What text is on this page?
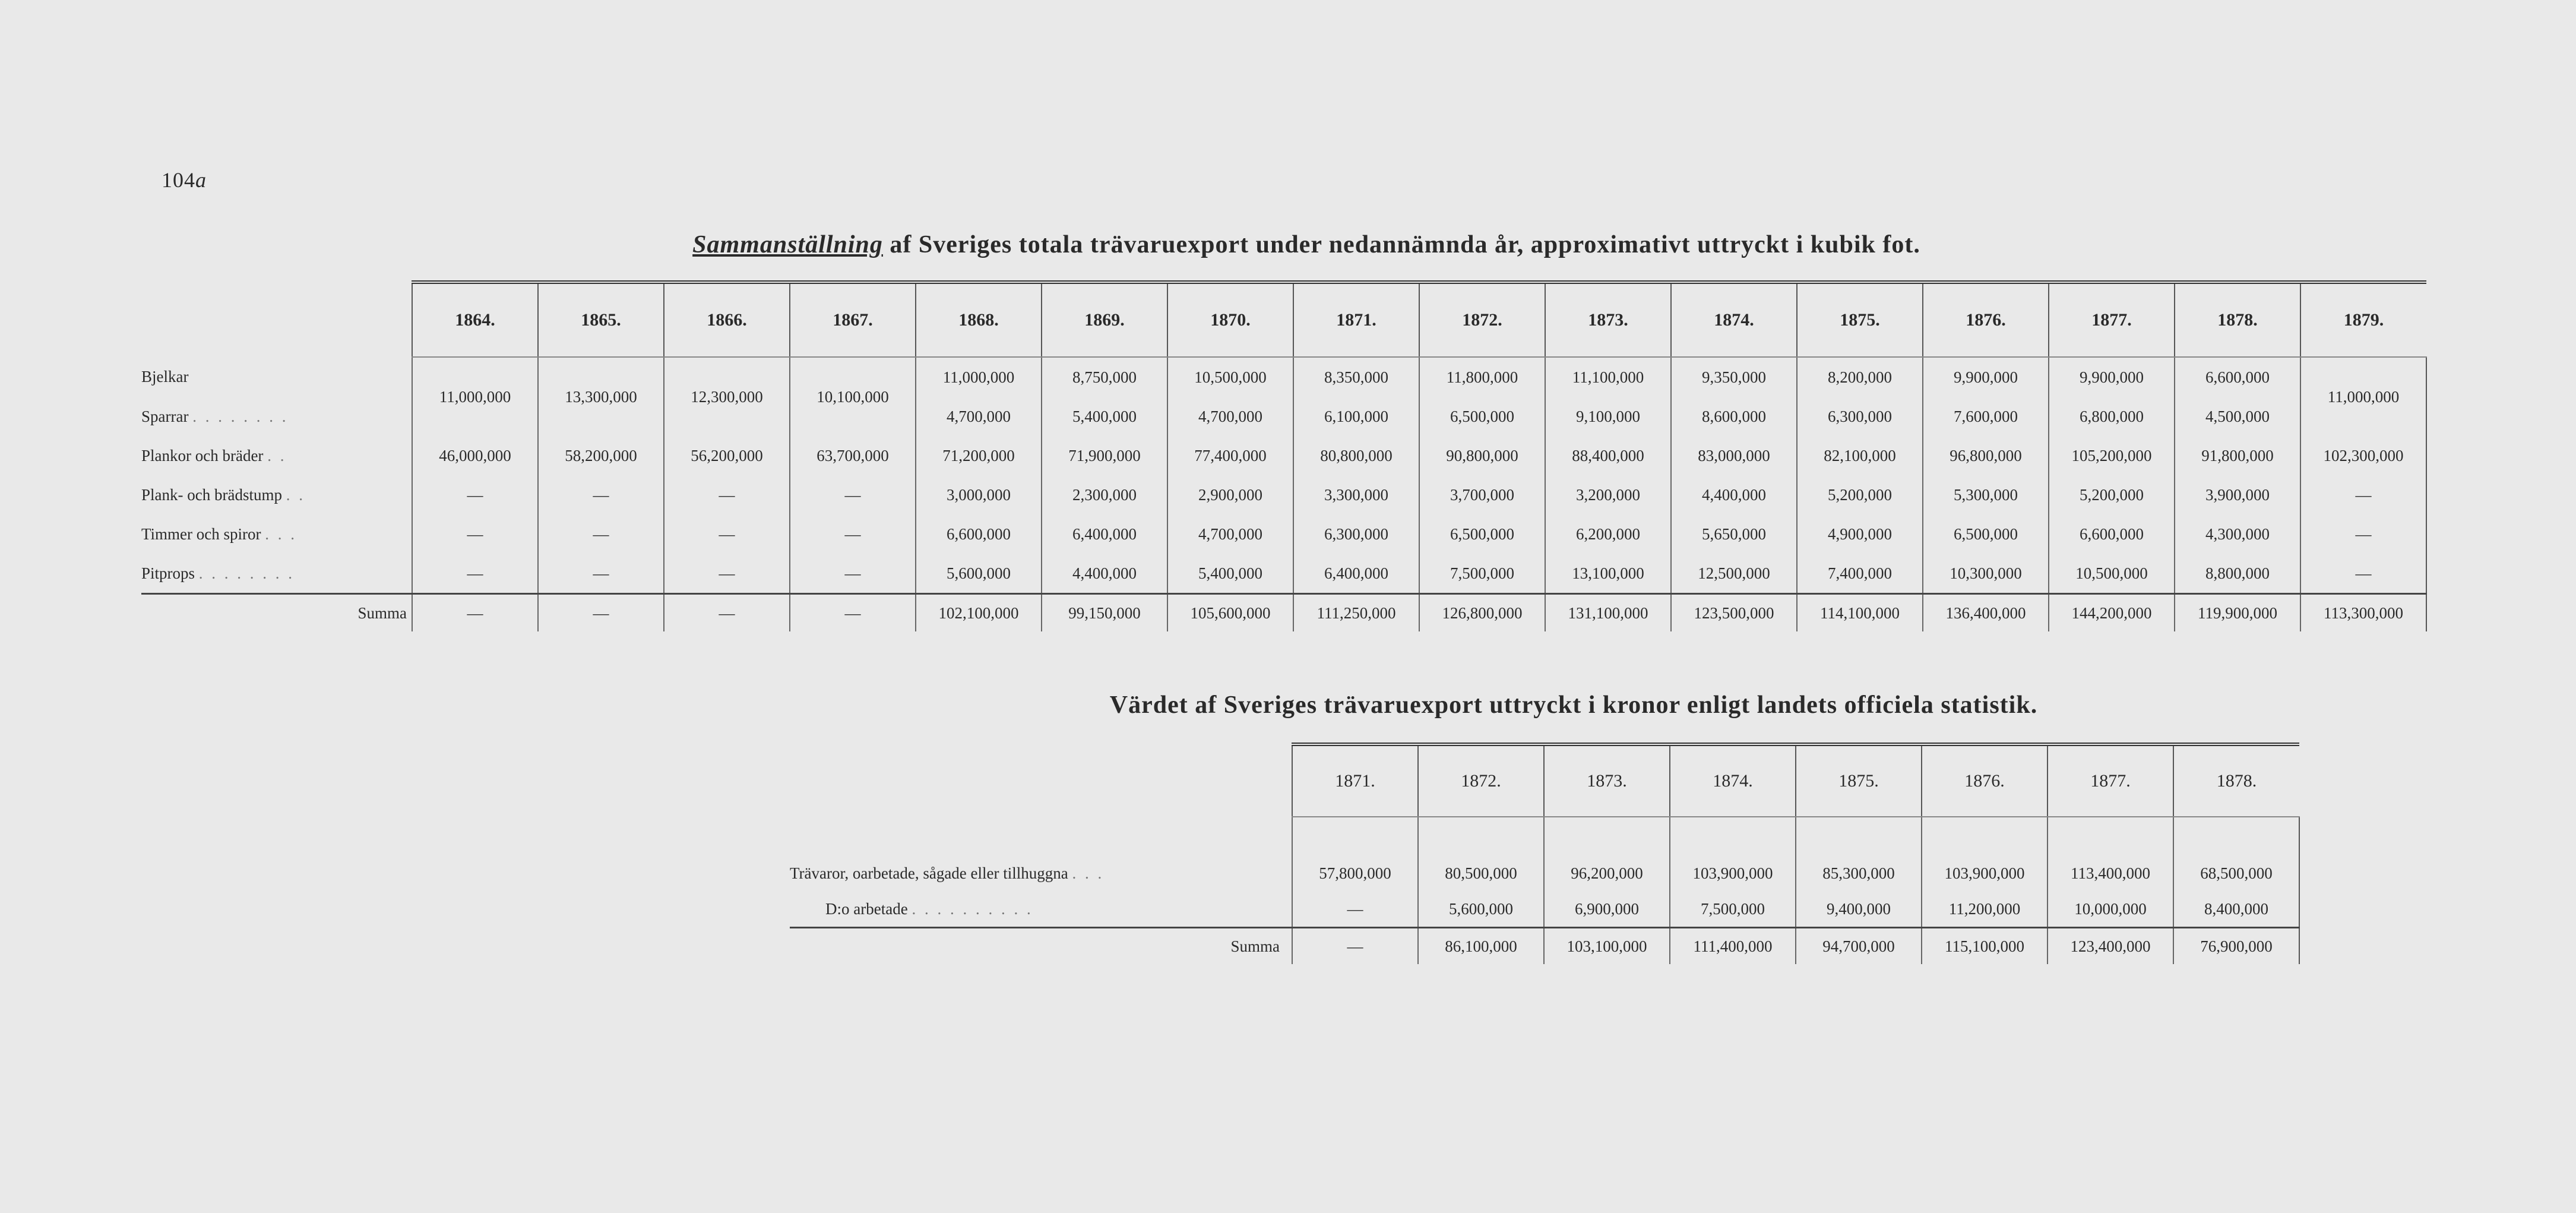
104a
Sammanställning af Sveriges totala trävaruexport under nedannämnda år, approximativt uttryckt i kubik fot.
	1864.	1865.	1866.	1867.	1868.	1869.	1870.	1871.	1872.	1873.	1874.	1875.	1876.	1877.	1878.	1879.
Bjelkar	11,000,000	13,300,000	12,300,000	10,100,000	11,000,000	8,750,000	10,500,000	8,350,000	11,800,000	11,100,000	9,350,000	8,200,000	9,900,000	9,900,000	6,600,000	11,000,000
Sparrar . . . . . . . .					4,700,000	5,400,000	4,700,000	6,100,000	6,500,000	9,100,000	8,600,000	6,300,000	7,600,000	6,800,000	4,500,000	
Plankor och bräder . .	46,000,000	58,200,000	56,200,000	63,700,000	71,200,000	71,900,000	77,400,000	80,800,000	90,800,000	88,400,000	83,000,000	82,100,000	96,800,000	105,200,000	91,800,000	102,300,000
Plank- och brädstump . .	—	—	—	—	3,000,000	2,300,000	2,900,000	3,300,000	3,700,000	3,200,000	4,400,000	5,200,000	5,300,000	5,200,000	3,900,000	—
Timmer och spiror . . .	—	—	—	—	6,600,000	6,400,000	4,700,000	6,300,000	6,500,000	6,200,000	5,650,000	4,900,000	6,500,000	6,600,000	4,300,000	—
Pitprops . . . . . . . .	—	—	—	—	5,600,000	4,400,000	5,400,000	6,400,000	7,500,000	13,100,000	12,500,000	7,400,000	10,300,000	10,500,000	8,800,000	—
Summa	—	—	—	—	102,100,000	99,150,000	105,600,000	111,250,000	126,800,000	131,100,000	123,500,000	114,100,000	136,400,000	144,200,000	119,900,000	113,300,000
Värdet af Sveriges trävaruexport uttryckt i kronor enligt landets officiela statistik.
	1871.	1872.	1873.	1874.	1875.	1876.	1877.	1878.

Trävaror, oarbetade, sågade eller tillhuggna . . .	57,800,000	80,500,000	96,200,000	103,900,000	85,300,000	103,900,000	113,400,000	68,500,000
D:o arbetade . . . . . . . . . .	—	5,600,000	6,900,000	7,500,000	9,400,000	11,200,000	10,000,000	8,400,000
Summa	—	86,100,000	103,100,000	111,400,000	94,700,000	115,100,000	123,400,000	76,900,000
